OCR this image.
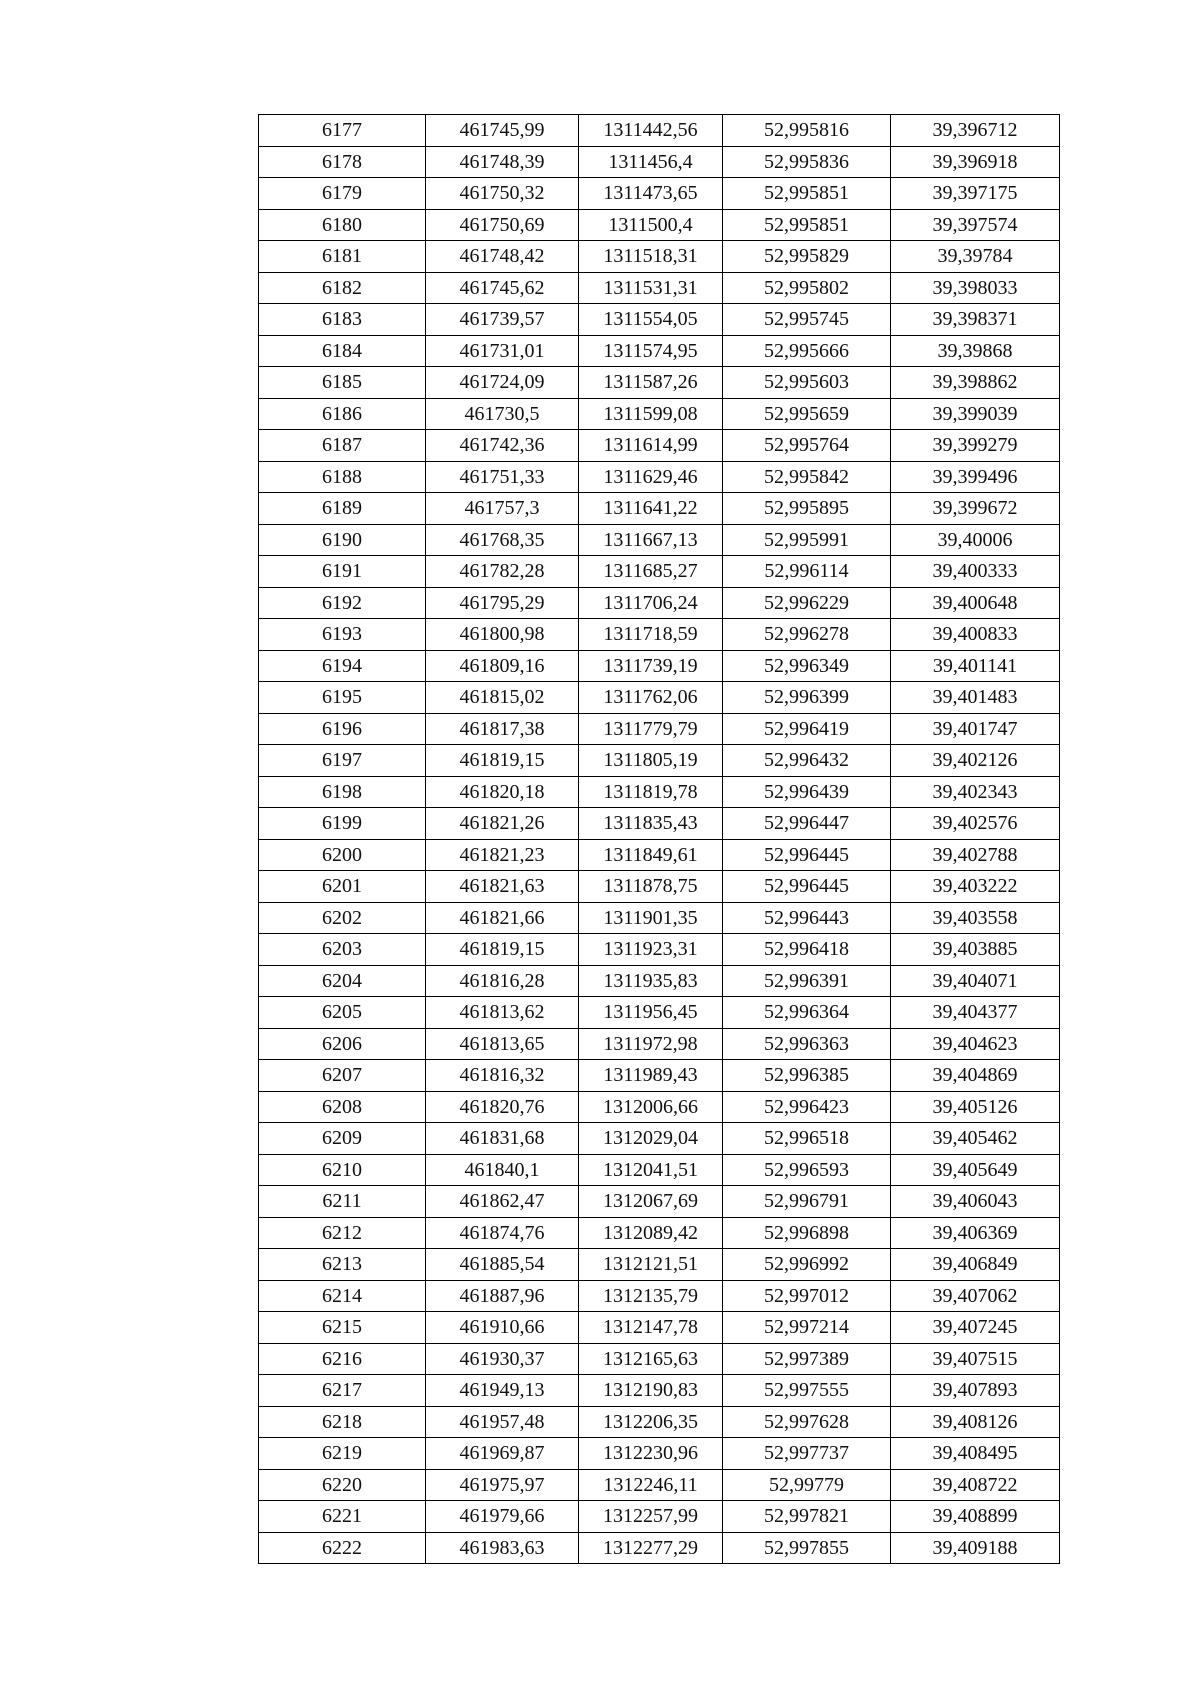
6177	461745,99	1311442,56	52,995816	39,396712
6178	461748,39	1311456,4	52,995836	39,396918
6179	461750,32	1311473,65	52,995851	39,397175
6180	461750,69	1311500,4	52,995851	39,397574
6181	461748,42	1311518,31	52,995829	39,39784
6182	461745,62	1311531,31	52,995802	39,398033
6183	461739,57	1311554,05	52,995745	39,398371
6184	461731,01	1311574,95	52,995666	39,39868
6185	461724,09	1311587,26	52,995603	39,398862
6186	461730,5	1311599,08	52,995659	39,399039
6187	461742,36	1311614,99	52,995764	39,399279
6188	461751,33	1311629,46	52,995842	39,399496
6189	461757,3	1311641,22	52,995895	39,399672
6190	461768,35	1311667,13	52,995991	39,40006
6191	461782,28	1311685,27	52,996114	39,400333
6192	461795,29	1311706,24	52,996229	39,400648
6193	461800,98	1311718,59	52,996278	39,400833
6194	461809,16	1311739,19	52,996349	39,401141
6195	461815,02	1311762,06	52,996399	39,401483
6196	461817,38	1311779,79	52,996419	39,401747
6197	461819,15	1311805,19	52,996432	39,402126
6198	461820,18	1311819,78	52,996439	39,402343
6199	461821,26	1311835,43	52,996447	39,402576
6200	461821,23	1311849,61	52,996445	39,402788
6201	461821,63	1311878,75	52,996445	39,403222
6202	461821,66	1311901,35	52,996443	39,403558
6203	461819,15	1311923,31	52,996418	39,403885
6204	461816,28	1311935,83	52,996391	39,404071
6205	461813,62	1311956,45	52,996364	39,404377
6206	461813,65	1311972,98	52,996363	39,404623
6207	461816,32	1311989,43	52,996385	39,404869
6208	461820,76	1312006,66	52,996423	39,405126
6209	461831,68	1312029,04	52,996518	39,405462
6210	461840,1	1312041,51	52,996593	39,405649
6211	461862,47	1312067,69	52,996791	39,406043
6212	461874,76	1312089,42	52,996898	39,406369
6213	461885,54	1312121,51	52,996992	39,406849
6214	461887,96	1312135,79	52,997012	39,407062
6215	461910,66	1312147,78	52,997214	39,407245
6216	461930,37	1312165,63	52,997389	39,407515
6217	461949,13	1312190,83	52,997555	39,407893
6218	461957,48	1312206,35	52,997628	39,408126
6219	461969,87	1312230,96	52,997737	39,408495
6220	461975,97	1312246,11	52,99779	39,408722
6221	461979,66	1312257,99	52,997821	39,408899
6222	461983,63	1312277,29	52,997855	39,409188
